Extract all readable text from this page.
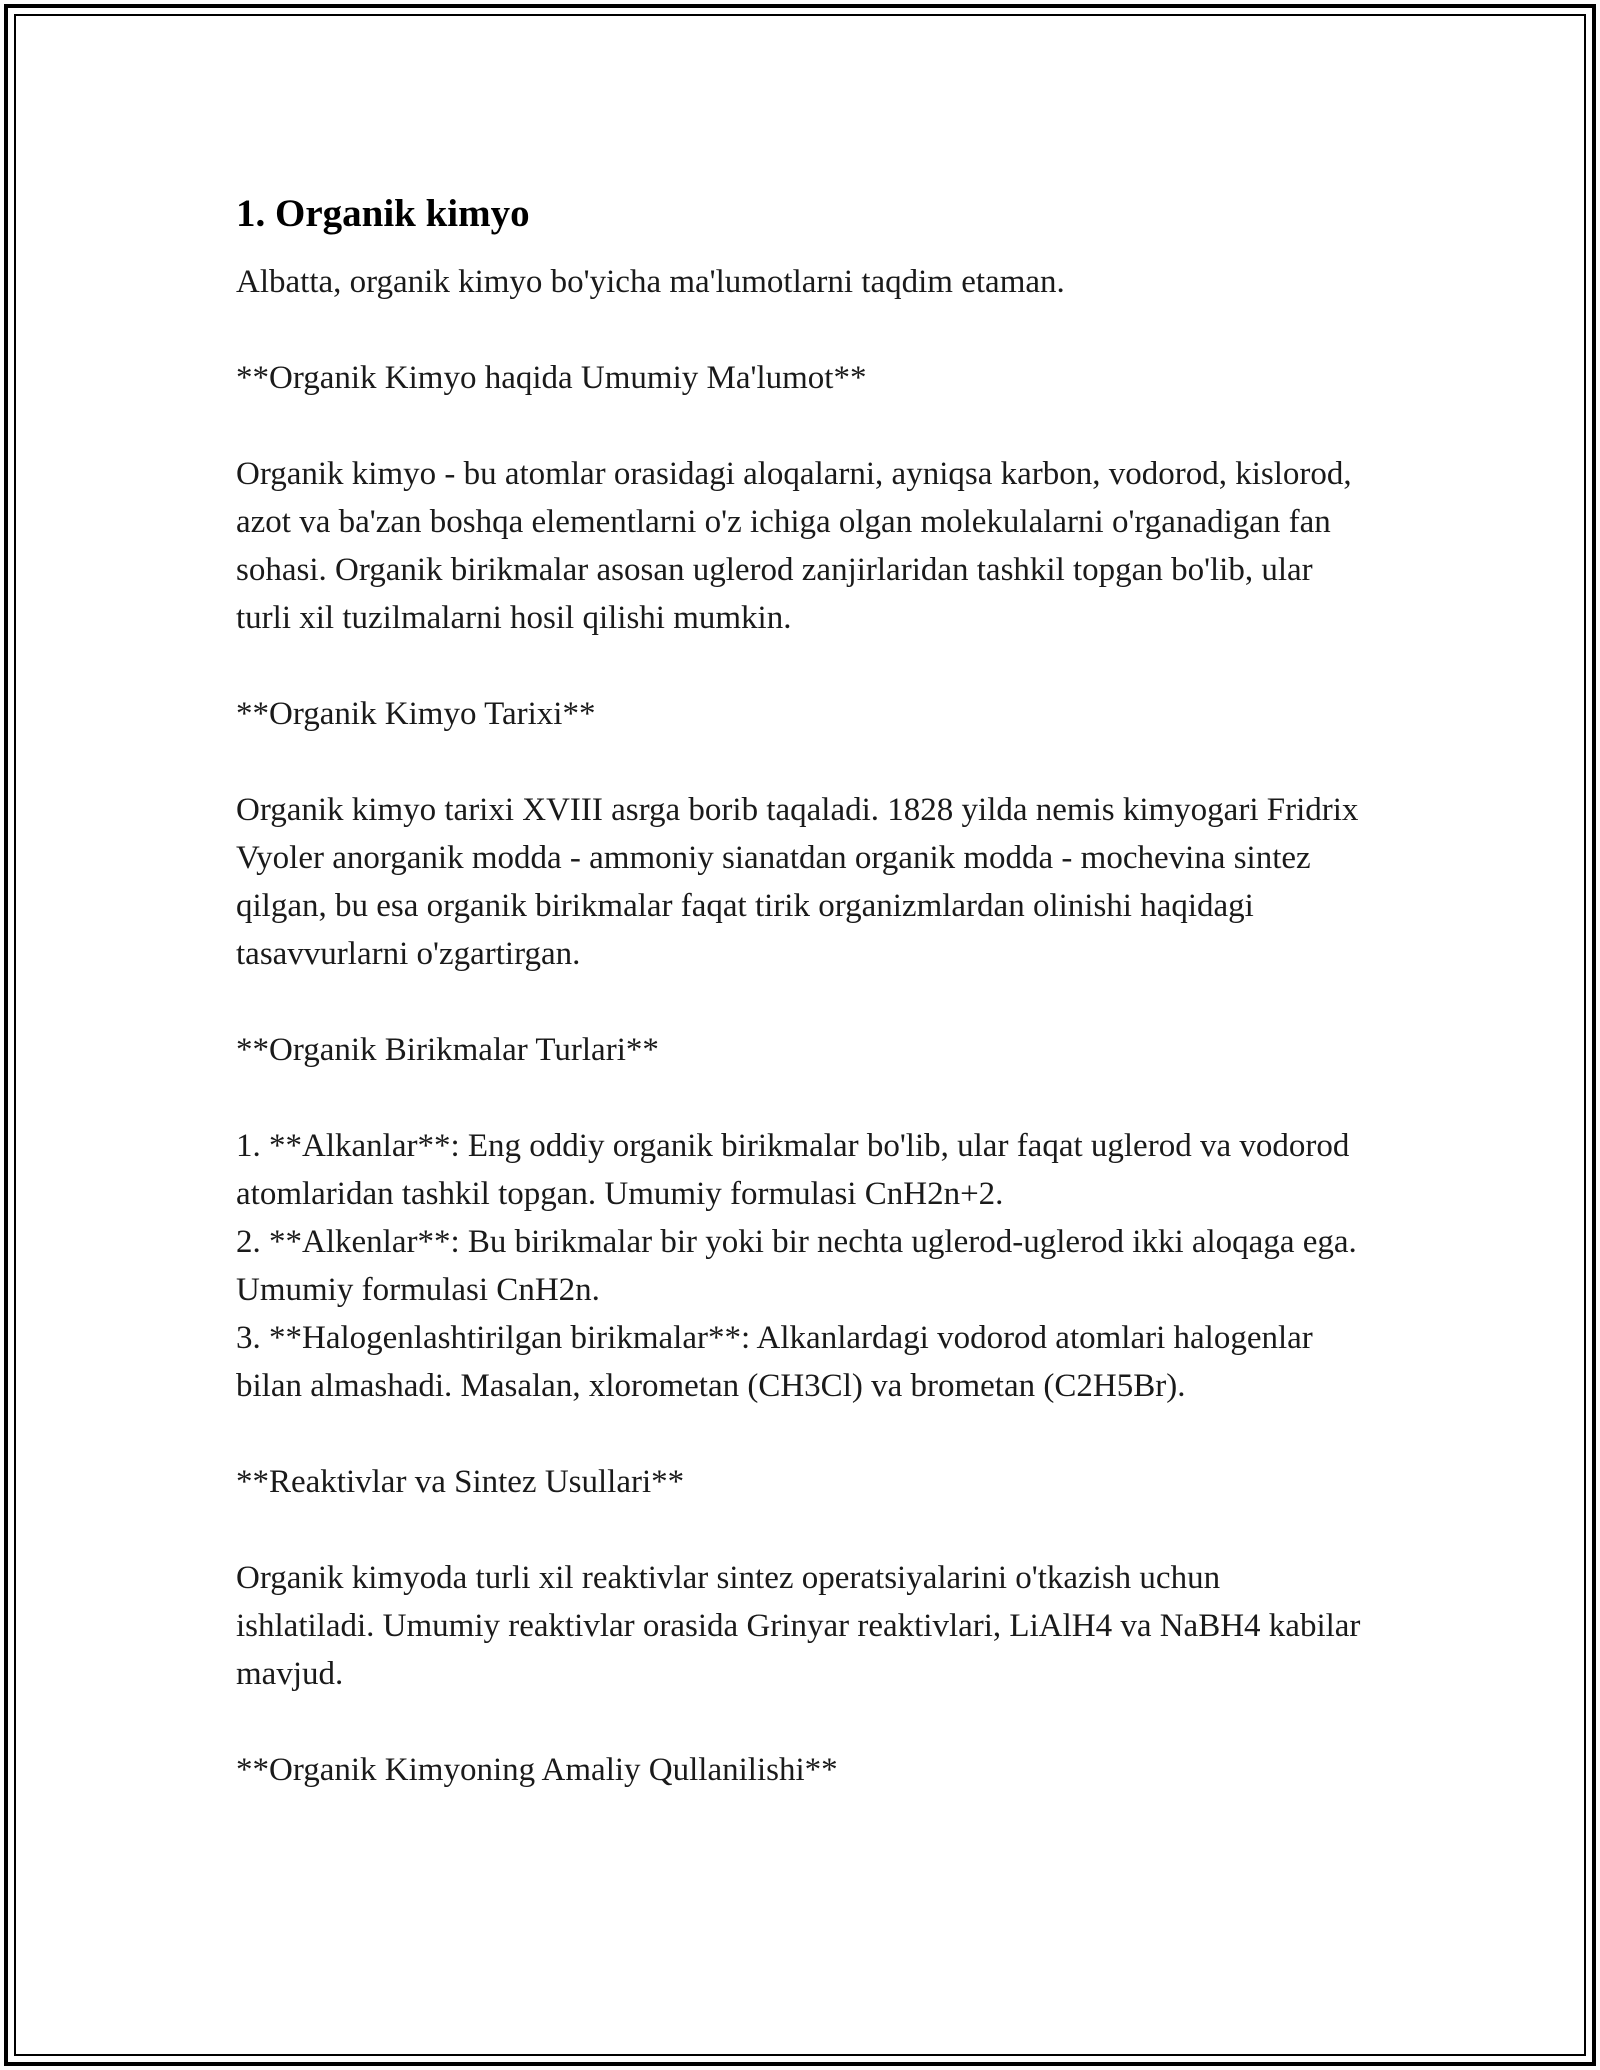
1. Organik kimyo

Albatta, organik kimyo bo'yicha ma'lumotlarni taqdim etaman.

**Organik Kimyo haqida Umumiy Ma'lumot**

Organik kimyo - bu atomlar orasidagi aloqalarni, ayniqsa karbon, vodorod, kislorod, azot va ba'zan boshqa elementlarni o'z ichiga olgan molekulalarni o'rganadigan fan sohasi. Organik birikmalar asosan uglerod zanjirlaridan tashkil topgan bo'lib, ular turli xil tuzilmalarni hosil qilishi mumkin.

**Organik Kimyo Tarixi**

Organik kimyo tarixi XVIII asrga borib taqaladi. 1828 yilda nemis kimyogari Fridrix Vyoler anorganik modda - ammoniy sianatdan organik modda - mochevina sintez qilgan, bu esa organik birikmalar faqat tirik organizmlardan olinishi haqidagi tasavvurlarni o'zgartirgan.

**Organik Birikmalar Turlari**

1. **Alkanlar**: Eng oddiy organik birikmalar bo'lib, ular faqat uglerod va vodorod atomlaridan tashkil topgan. Umumiy formulasi CnH2n+2.

2. **Alkenlar**: Bu birikmalar bir yoki bir nechta uglerod-uglerod ikki aloqaga ega. Umumiy formulasi CnH2n.

3. **Halogenlashtirilgan birikmalar**: Alkanlardagi vodorod atomlari halogenlar bilan almashadi. Masalan, xlorometan (CH3Cl) va brometan (C2H5Br).

**Reaktivlar va Sintez Usullari**

Organik kimyoda turli xil reaktivlar sintez operatsiyalarini o'tkazish uchun ishlatiladi. Umumiy reaktivlar orasida Grinyar reaktivlari, LiAlH4 va NaBH4 kabilar mavjud.

**Organik Kimyoning Amaliy Qullanilishi**
